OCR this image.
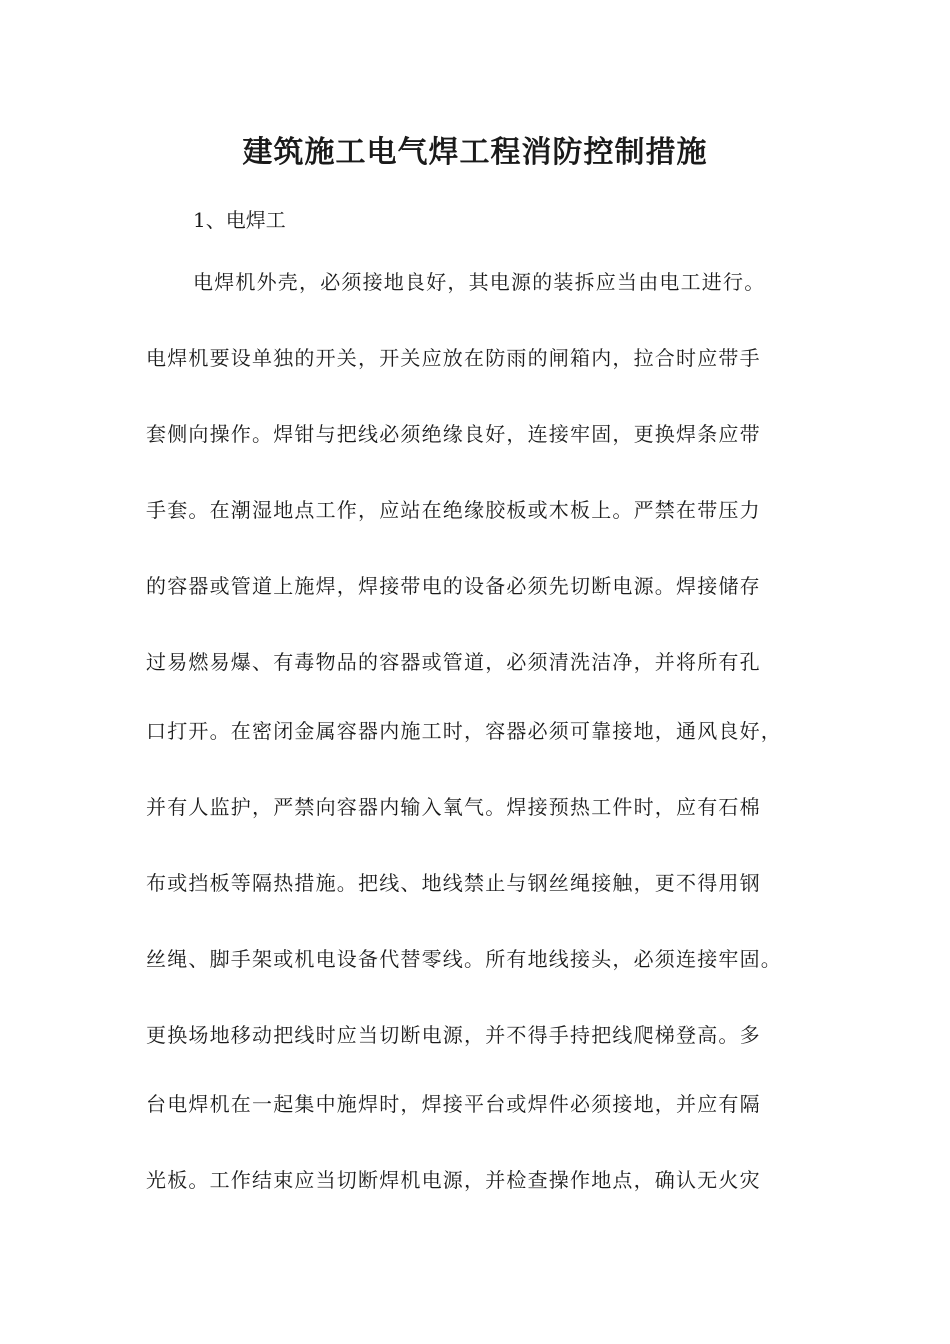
建筑施工电气焊工程消防控制措施
1、电焊工
电焊机外壳，必须接地良好，其电源的装拆应当由电工进行。
电焊机要设单独的开关，开关应放在防雨的闸箱内，拉合时应带手
套侧向操作。焊钳与把线必须绝缘良好，连接牢固，更换焊条应带
手套。在潮湿地点工作，应站在绝缘胶板或木板上。严禁在带压力
的容器或管道上施焊，焊接带电的设备必须先切断电源。焊接储存
过易燃易爆、有毒物品的容器或管道，必须清洗洁净，并将所有孔
口打开。在密闭金属容器内施工时，容器必须可靠接地，通风良好，
并有人监护，严禁向容器内输入氧气。焊接预热工件时，应有石棉
布或挡板等隔热措施。把线、地线禁止与钢丝绳接触，更不得用钢
丝绳、脚手架或机电设备代替零线。所有地线接头，必须连接牢固。
更换场地移动把线时应当切断电源，并不得手持把线爬梯登高。多
台电焊机在一起集中施焊时，焊接平台或焊件必须接地，并应有隔
光板。工作结束应当切断焊机电源，并检查操作地点，确认无火灾
